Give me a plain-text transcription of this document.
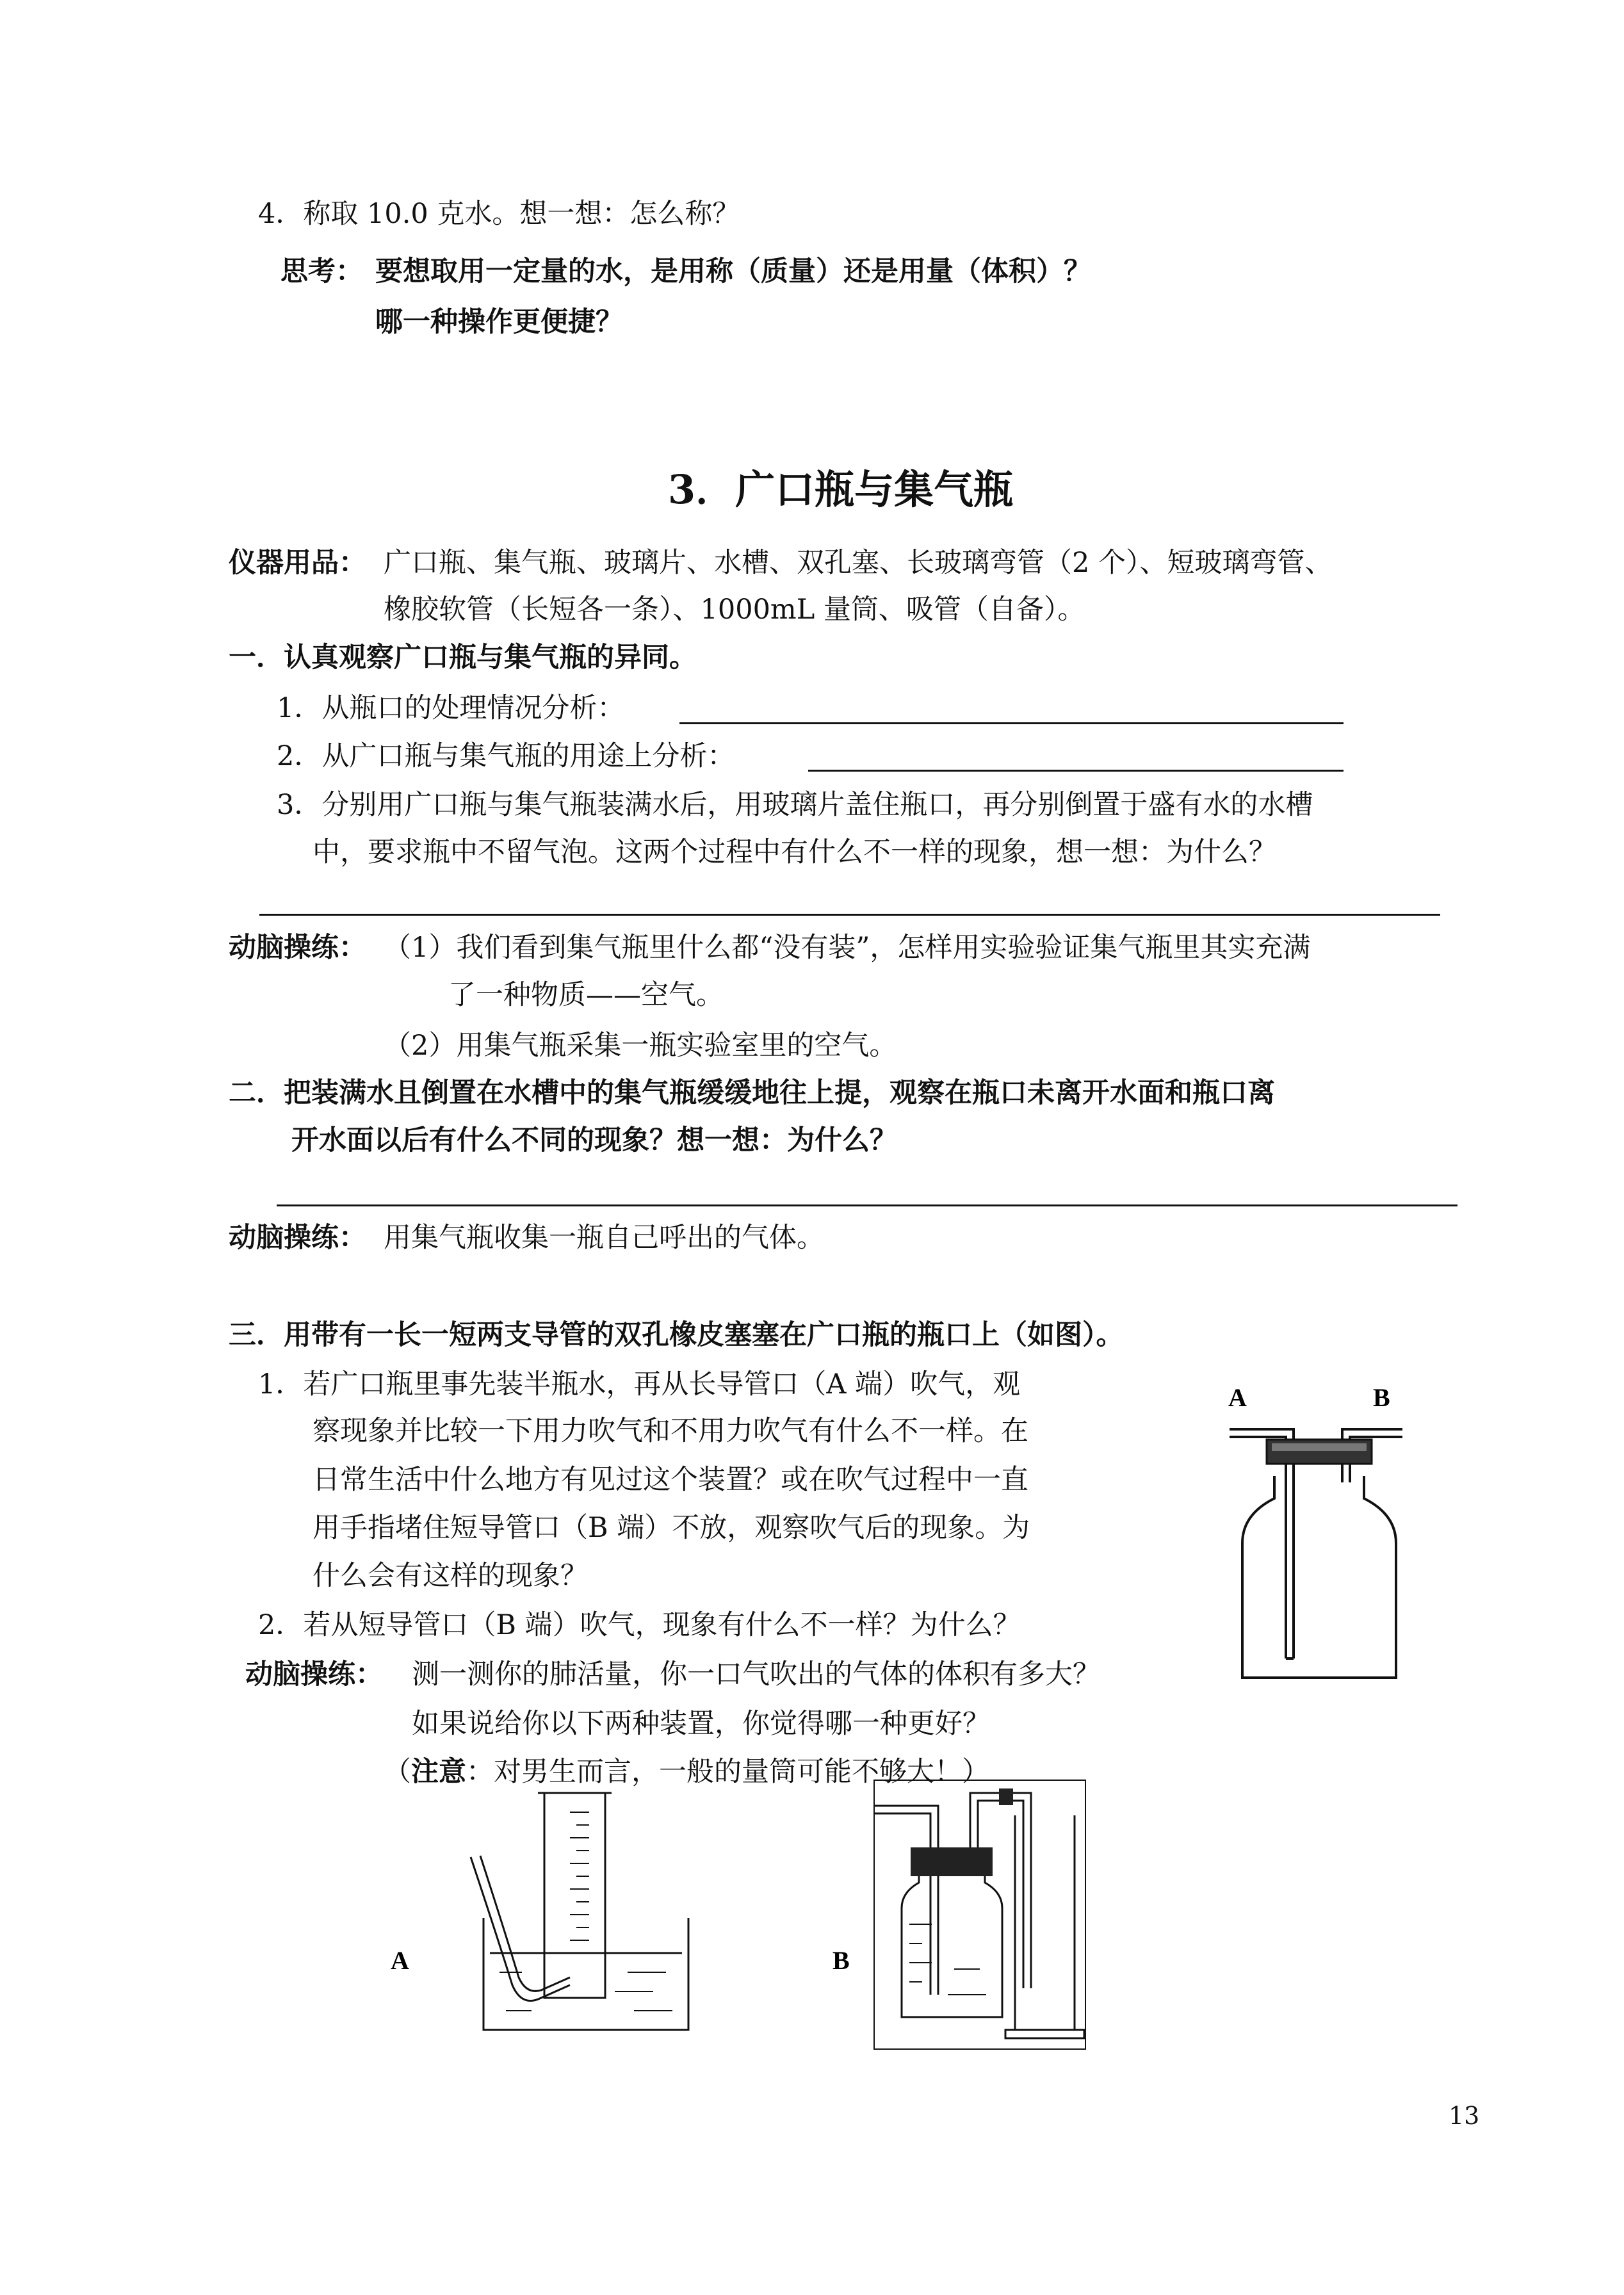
4．称取 10.0 克水。想一想：怎么称？
思考： 要想取用一定量的水，是用称（质量）还是用量（体积）？
哪一种操作更便捷？
3．广口瓶与集气瓶
仪器用品： 广口瓶、集气瓶、玻璃片、水槽、双孔塞、长玻璃弯管（2 个）、短玻璃弯管、
橡胶软管（长短各一条）、1000mL 量筒、吸管（自备）。
一．认真观察广口瓶与集气瓶的异同。
1．从瓶口的处理情况分析：
2．从广口瓶与集气瓶的用途上分析：
3．分别用广口瓶与集气瓶装满水后，用玻璃片盖住瓶口，再分别倒置于盛有水的水槽
中，要求瓶中不留气泡。这两个过程中有什么不一样的现象，想一想：为什么？
动脑操练： （1）我们看到集气瓶里什么都“没有装”，怎样用实验验证集气瓶里其实充满
了一种物质——空气。
（2）用集气瓶采集一瓶实验室里的空气。
二．把装满水且倒置在水槽中的集气瓶缓缓地往上提，观察在瓶口未离开水面和瓶口离
开水面以后有什么不同的现象？想一想：为什么？
动脑操练： 用集气瓶收集一瓶自己呼出的气体。
三．用带有一长一短两支导管的双孔橡皮塞塞在广口瓶的瓶口上（如图）。
1．若广口瓶里事先装半瓶水，再从长导管口（A 端）吹气，观
察现象并比较一下用力吹气和不用力吹气有什么不一样。在
日常生活中什么地方有见过这个装置？或在吹气过程中一直
用手指堵住短导管口（B 端）不放，观察吹气后的现象。为
什么会有这样的现象？
2．若从短导管口（B 端）吹气，现象有什么不一样？为什么？
动脑操练： 测一测你的肺活量，你一口气吹出的气体的体积有多大？
如果说给你以下两种装置，你觉得哪一种更好？
（注意：对男生而言，一般的量筒可能不够大！）
A	B
A	B
13
